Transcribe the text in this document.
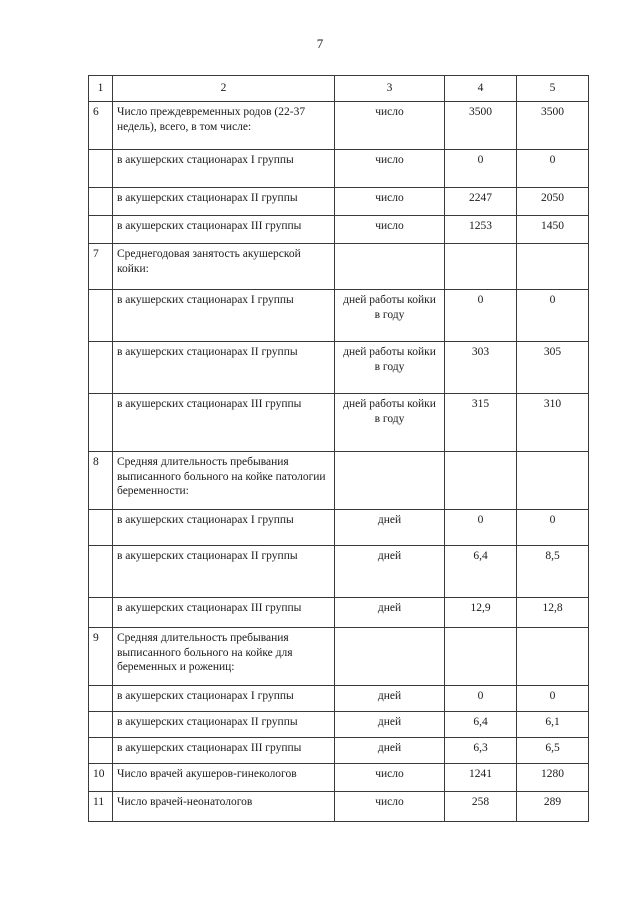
7
1	2	3	4	5
6	Число преждевременных родов (22-37 недель), всего, в том числе:	число	3500	3500
	в акушерских стационарах I группы	число	0	0
	в акушерских стационарах II группы	число	2247	2050
	в акушерских стационарах III группы	число	1253	1450
7	Среднегодовая занятость акушерской койки:			
	в акушерских стационарах I группы	дней работы койки в году	0	0
	в акушерских стационарах II группы	дней работы койки в году	303	305
	в акушерских стационарах III группы	дней работы койки в году	315	310
8	Средняя длительность пребывания выписанного больного на койке патологии беременности:			
	в акушерских стационарах I группы	дней	0	0
	в акушерских стационарах II группы	дней	6,4	8,5
	в акушерских стационарах III группы	дней	12,9	12,8
9	Средняя длительность пребывания выписанного больного на койке для беременных и рожениц:			
	в акушерских стационарах I группы	дней	0	0
	в акушерских стационарах II группы	дней	6,4	6,1
	в акушерских стационарах III группы	дней	6,3	6,5
10	Число врачей акушеров-гинекологов	число	1241	1280
11	Число врачей-неонатологов	число	258	289
